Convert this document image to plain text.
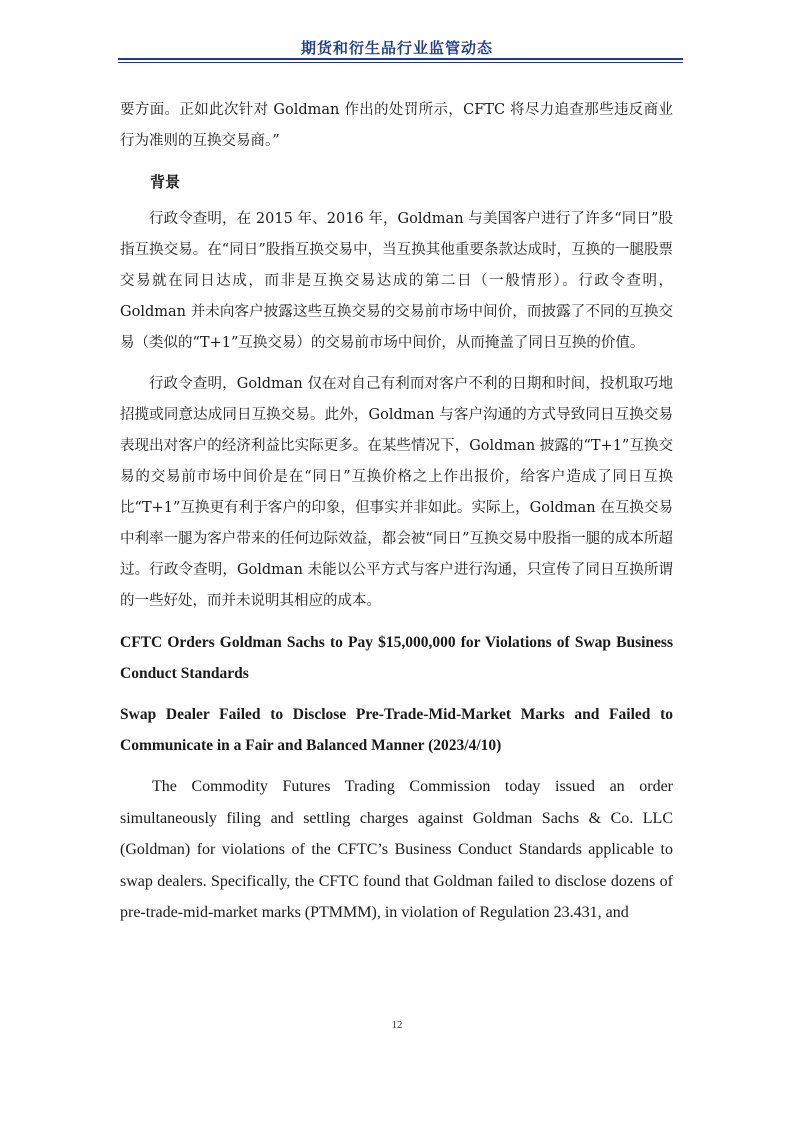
期货和衍生品行业监管动态

要方面。正如此次针对 Goldman 作出的处罚所示，CFTC 将尽力追查那些违反商业行为准则的互换交易商。”

背景

行政令查明，在 2015 年、2016 年，Goldman 与美国客户进行了许多“同日”股指互换交易。在“同日”股指互换交易中，当互换其他重要条款达成时，互换的一腿股票交易就在同日达成，而非是互换交易达成的第二日（一般情形）。行政令查明，Goldman 并未向客户披露这些互换交易的交易前市场中间价，而披露了不同的互换交易（类似的“T+1”互换交易）的交易前市场中间价，从而掩盖了同日互换的价值。

行政令查明，Goldman 仅在对自己有利而对客户不利的日期和时间，投机取巧地招揽或同意达成同日互换交易。此外，Goldman 与客户沟通的方式导致同日互换交易表现出对客户的经济利益比实际更多。在某些情况下，Goldman 披露的“T+1”互换交易的交易前市场中间价是在“同日”互换价格之上作出报价，给客户造成了同日互换比“T+1”互换更有利于客户的印象，但事实并非如此。实际上，Goldman 在互换交易中利率一腿为客户带来的任何边际效益，都会被“同日”互换交易中股指一腿的成本所超过。行政令查明，Goldman 未能以公平方式与客户进行沟通，只宣传了同日互换所谓的一些好处，而并未说明其相应的成本。

CFTC Orders Goldman Sachs to Pay $15,000,000 for Violations of Swap Business Conduct Standards

Swap Dealer Failed to Disclose Pre-Trade-Mid-Market Marks and Failed to Communicate in a Fair and Balanced Manner (2023/4/10)

The Commodity Futures Trading Commission today issued an order simultaneously filing and settling charges against Goldman Sachs & Co. LLC (Goldman) for violations of the CFTC’s Business Conduct Standards applicable to swap dealers. Specifically, the CFTC found that Goldman failed to disclose dozens of pre-trade-mid-market marks (PTMMM), in violation of Regulation 23.431, and

12
